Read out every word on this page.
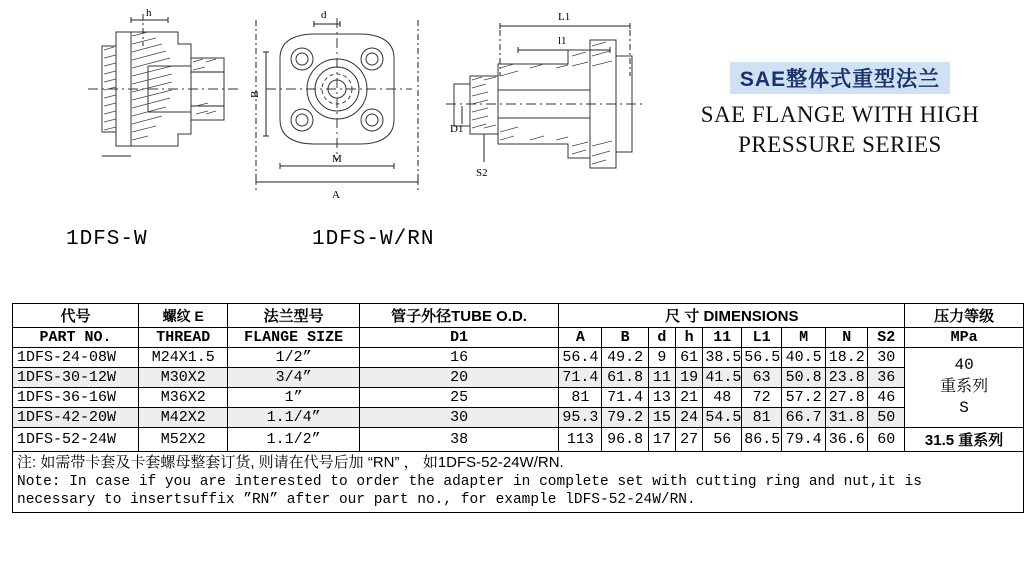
h	d
B
M
A
L1
l1
D1
S2
SAE整体式重型法兰
SAE FLANGE WITH HIGH
PRESSURE SERIES
1DFS-W	1DFS-W/RN
代号	螺纹 E	法兰型号	管子外径TUBE O.D.	尺 寸 DIMENSIONS									压力等级
PART NO.	THREAD	FLANGE SIZE	D1	A	B	d	h	11	L1	M	N	S2	MPa
1DFS-24-08W	M24X1.5	1/2”	16	56.4	49.2	9	61	38.5	56.5	40.5	18.2	30	40
重系列
S

1DFS-30-12W	M30X2	3/4”	20	71.4	61.8	11	19	41.5	63	50.8	23.8	36	
1DFS-36-16W	M36X2	1”	25	81	71.4	13	21	48	72	57.2	27.8	46	
1DFS-42-20W	M42X2	1.1/4”	30	95.3	79.2	15	24	54.5	81	66.7	31.8	50	
1DFS-52-24W	M52X2	1.1/2”	38	113	96.8	17	27	56	86.5	79.4	36.6	60	31.5 重系列

注: 如需带卡套及卡套螺母整套订货, 则请在代号后加 “RN” ， 如1DFS-52-24W/RN.
Note: In case if you are interested to order the adapter in complete set with cutting ring and nut,it is
necessary to insertsuffix ”RN” after our part no., for example lDFS-52-24W/RN.													
